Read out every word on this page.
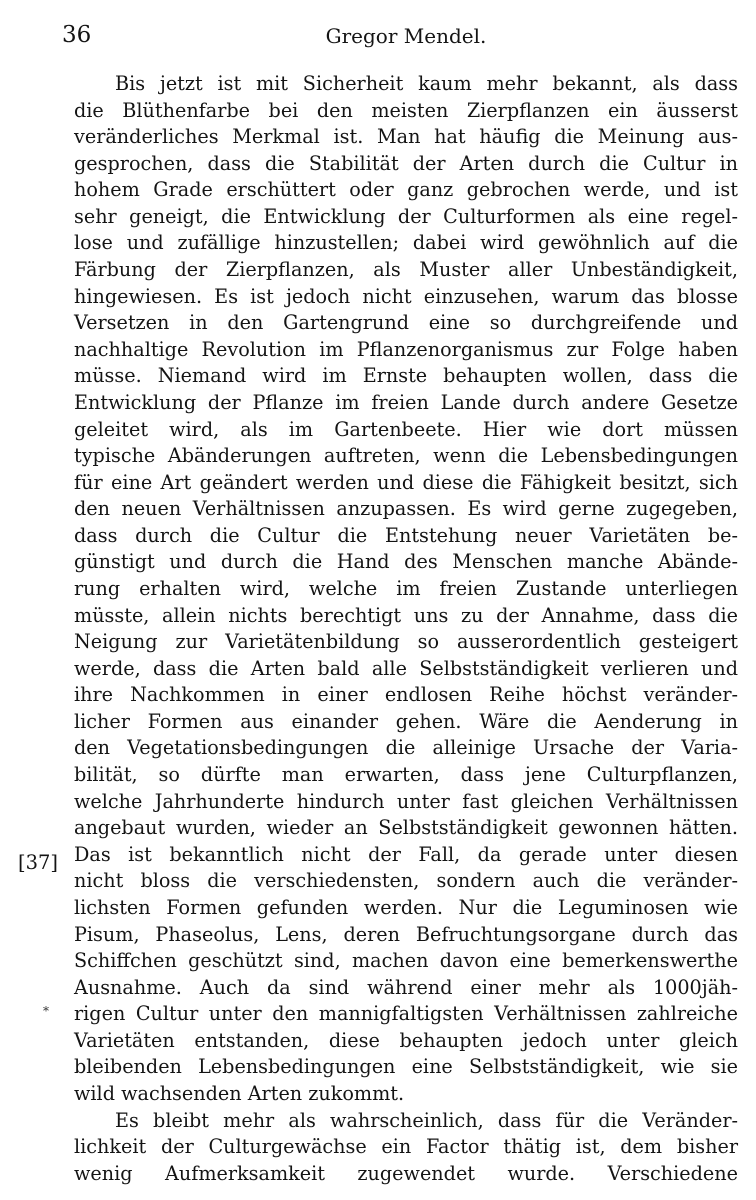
36	Gregor Mendel.
[37]
*
Bis jetzt ist mit Sicherheit kaum mehr bekannt, als dass
die Blüthenfarbe bei den meisten Zierpflanzen ein äusserst
veränderliches Merkmal ist. Man hat häufig die Meinung aus-
gesprochen, dass die Stabilität der Arten durch die Cultur in
hohem Grade erschüttert oder ganz gebrochen werde, und ist
sehr geneigt, die Entwicklung der Culturformen als eine regel-
lose und zufällige hinzustellen; dabei wird gewöhnlich auf die
Färbung der Zierpflanzen, als Muster aller Unbeständigkeit,
hingewiesen. Es ist jedoch nicht einzusehen, warum das blosse
Versetzen in den Gartengrund eine so durchgreifende und
nachhaltige Revolution im Pflanzenorganismus zur Folge haben
müsse. Niemand wird im Ernste behaupten wollen, dass die
Entwicklung der Pflanze im freien Lande durch andere Gesetze
geleitet wird, als im Gartenbeete. Hier wie dort müssen
typische Abänderungen auftreten, wenn die Lebensbedingungen
für eine Art geändert werden und diese die Fähigkeit besitzt, sich
den neuen Verhältnissen anzupassen. Es wird gerne zugegeben,
dass durch die Cultur die Entstehung neuer Varietäten be-
günstigt und durch die Hand des Menschen manche Abände-
rung erhalten wird, welche im freien Zustande unterliegen
müsste, allein nichts berechtigt uns zu der Annahme, dass die
Neigung zur Varietätenbildung so ausserordentlich gesteigert
werde, dass die Arten bald alle Selbstständigkeit verlieren und
ihre Nachkommen in einer endlosen Reihe höchst veränder-
licher Formen aus einander gehen. Wäre die Aenderung in
den Vegetationsbedingungen die alleinige Ursache der Varia-
bilität, so dürfte man erwarten, dass jene Culturpflanzen,
welche Jahrhunderte hindurch unter fast gleichen Verhältnissen
angebaut wurden, wieder an Selbstständigkeit gewonnen hätten.
Das ist bekanntlich nicht der Fall, da gerade unter diesen
nicht bloss die verschiedensten, sondern auch die veränder-
lichsten Formen gefunden werden. Nur die Leguminosen wie
Pisum, Phaseolus, Lens, deren Befruchtungsorgane durch das
Schiffchen geschützt sind, machen davon eine bemerkenswerthe
Ausnahme. Auch da sind während einer mehr als 1000jäh-
rigen Cultur unter den mannigfaltigsten Verhältnissen zahlreiche
Varietäten entstanden, diese behaupten jedoch unter gleich
bleibenden Lebensbedingungen eine Selbstständigkeit, wie sie
wild wachsenden Arten zukommt.
Es bleibt mehr als wahrscheinlich, dass für die Veränder-
lichkeit der Culturgewächse ein Factor thätig ist, dem bisher
wenig Aufmerksamkeit zugewendet wurde. Verschiedene
